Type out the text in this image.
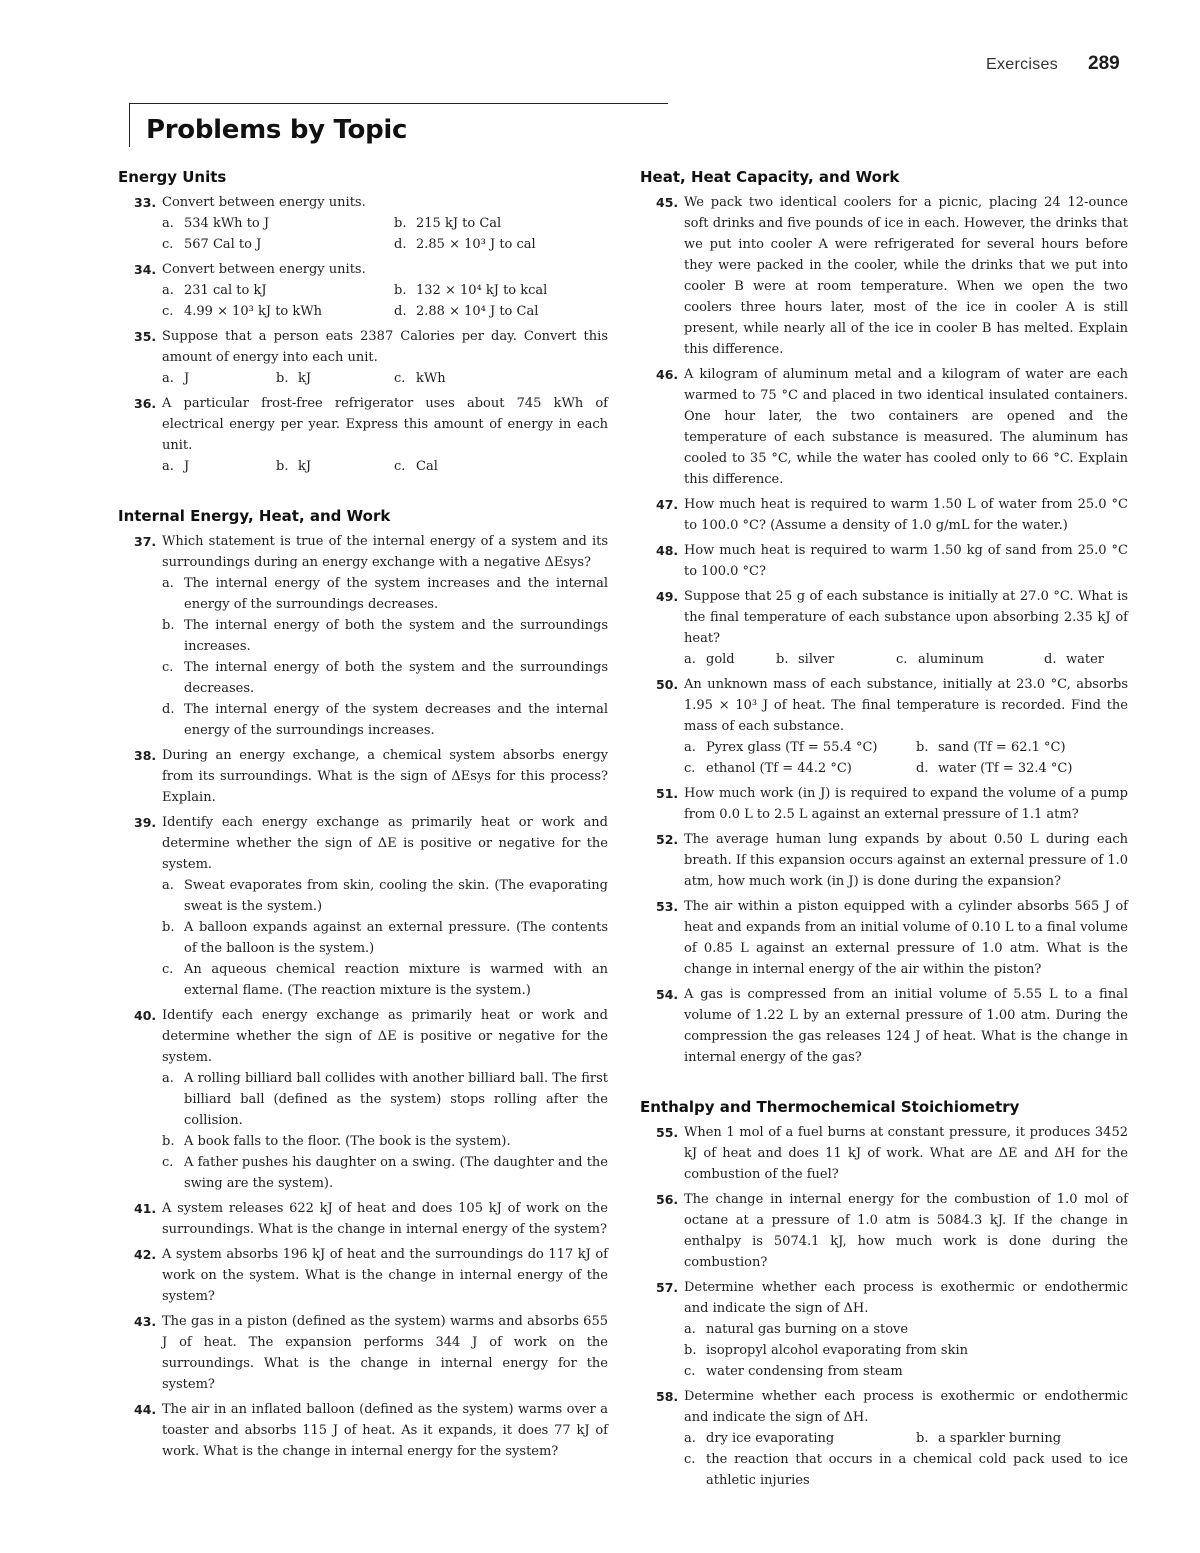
Exercises 289
Problems by Topic
Energy Units
33. Convert between energy units.
a. 534 kWh to J	b. 215 kJ to Cal
c. 567 Cal to J	d. 2.85 × 10³ J to cal
34. Convert between energy units.
a. 231 cal to kJ	b. 132 × 10⁴ kJ to kcal
c. 4.99 × 10³ kJ to kWh	d. 2.88 × 10⁴ J to Cal
35. Suppose that a person eats 2387 Calories per day. Convert this amount of energy into each unit.
a. J	b. kJ	c. kWh
36. A particular frost-free refrigerator uses about 745 kWh of electrical energy per year. Express this amount of energy in each unit.
a. J	b. kJ	c. Cal
Internal Energy, Heat, and Work
37. Which statement is true of the internal energy of a system and its surroundings during an energy exchange with a negative ΔEsys?
a. The internal energy of the system increases and the internal energy of the surroundings decreases.
b. The internal energy of both the system and the surroundings increases.
c. The internal energy of both the system and the surroundings decreases.
d. The internal energy of the system decreases and the internal energy of the surroundings increases.
38. During an energy exchange, a chemical system absorbs energy from its surroundings. What is the sign of ΔEsys for this process? Explain.
39. Identify each energy exchange as primarily heat or work and determine whether the sign of ΔE is positive or negative for the system.
a. Sweat evaporates from skin, cooling the skin. (The evaporating sweat is the system.)
b. A balloon expands against an external pressure. (The contents of the balloon is the system.)
c. An aqueous chemical reaction mixture is warmed with an external flame. (The reaction mixture is the system.)
40. Identify each energy exchange as primarily heat or work and determine whether the sign of ΔE is positive or negative for the system.
a. A rolling billiard ball collides with another billiard ball. The first billiard ball (defined as the system) stops rolling after the collision.
b. A book falls to the floor. (The book is the system).
c. A father pushes his daughter on a swing. (The daughter and the swing are the system).
41. A system releases 622 kJ of heat and does 105 kJ of work on the surroundings. What is the change in internal energy of the system?
42. A system absorbs 196 kJ of heat and the surroundings do 117 kJ of work on the system. What is the change in internal energy of the system?
43. The gas in a piston (defined as the system) warms and absorbs 655 J of heat. The expansion performs 344 J of work on the surroundings. What is the change in internal energy for the system?
44. The air in an inflated balloon (defined as the system) warms over a toaster and absorbs 115 J of heat. As it expands, it does 77 kJ of work. What is the change in internal energy for the system?
Heat, Heat Capacity, and Work
45. We pack two identical coolers for a picnic, placing 24 12-ounce soft drinks and five pounds of ice in each. However, the drinks that we put into cooler A were refrigerated for several hours before they were packed in the cooler, while the drinks that we put into cooler B were at room temperature. When we open the two coolers three hours later, most of the ice in cooler A is still present, while nearly all of the ice in cooler B has melted. Explain this difference.
46. A kilogram of aluminum metal and a kilogram of water are each warmed to 75 °C and placed in two identical insulated containers. One hour later, the two containers are opened and the temperature of each substance is measured. The aluminum has cooled to 35 °C, while the water has cooled only to 66 °C. Explain this difference.
47. How much heat is required to warm 1.50 L of water from 25.0 °C to 100.0 °C? (Assume a density of 1.0 g/mL for the water.)
48. How much heat is required to warm 1.50 kg of sand from 25.0 °C to 100.0 °C?
49. Suppose that 25 g of each substance is initially at 27.0 °C. What is the final temperature of each substance upon absorbing 2.35 kJ of heat?
a. gold	b. silver	c. aluminum	d. water
50. An unknown mass of each substance, initially at 23.0 °C, absorbs 1.95 × 10³ J of heat. The final temperature is recorded. Find the mass of each substance.
a. Pyrex glass (Tf = 55.4 °C)	b. sand (Tf = 62.1 °C)
c. ethanol (Tf = 44.2 °C)	d. water (Tf = 32.4 °C)
51. How much work (in J) is required to expand the volume of a pump from 0.0 L to 2.5 L against an external pressure of 1.1 atm?
52. The average human lung expands by about 0.50 L during each breath. If this expansion occurs against an external pressure of 1.0 atm, how much work (in J) is done during the expansion?
53. The air within a piston equipped with a cylinder absorbs 565 J of heat and expands from an initial volume of 0.10 L to a final volume of 0.85 L against an external pressure of 1.0 atm. What is the change in internal energy of the air within the piston?
54. A gas is compressed from an initial volume of 5.55 L to a final volume of 1.22 L by an external pressure of 1.00 atm. During the compression the gas releases 124 J of heat. What is the change in internal energy of the gas?
Enthalpy and Thermochemical Stoichiometry
55. When 1 mol of a fuel burns at constant pressure, it produces 3452 kJ of heat and does 11 kJ of work. What are ΔE and ΔH for the combustion of the fuel?
56. The change in internal energy for the combustion of 1.0 mol of octane at a pressure of 1.0 atm is 5084.3 kJ. If the change in enthalpy is 5074.1 kJ, how much work is done during the combustion?
57. Determine whether each process is exothermic or endothermic and indicate the sign of ΔH.
a. natural gas burning on a stove
b. isopropyl alcohol evaporating from skin
c. water condensing from steam
58. Determine whether each process is exothermic or endothermic and indicate the sign of ΔH.
a. dry ice evaporating	b. a sparkler burning
c. the reaction that occurs in a chemical cold pack used to ice athletic injuries
